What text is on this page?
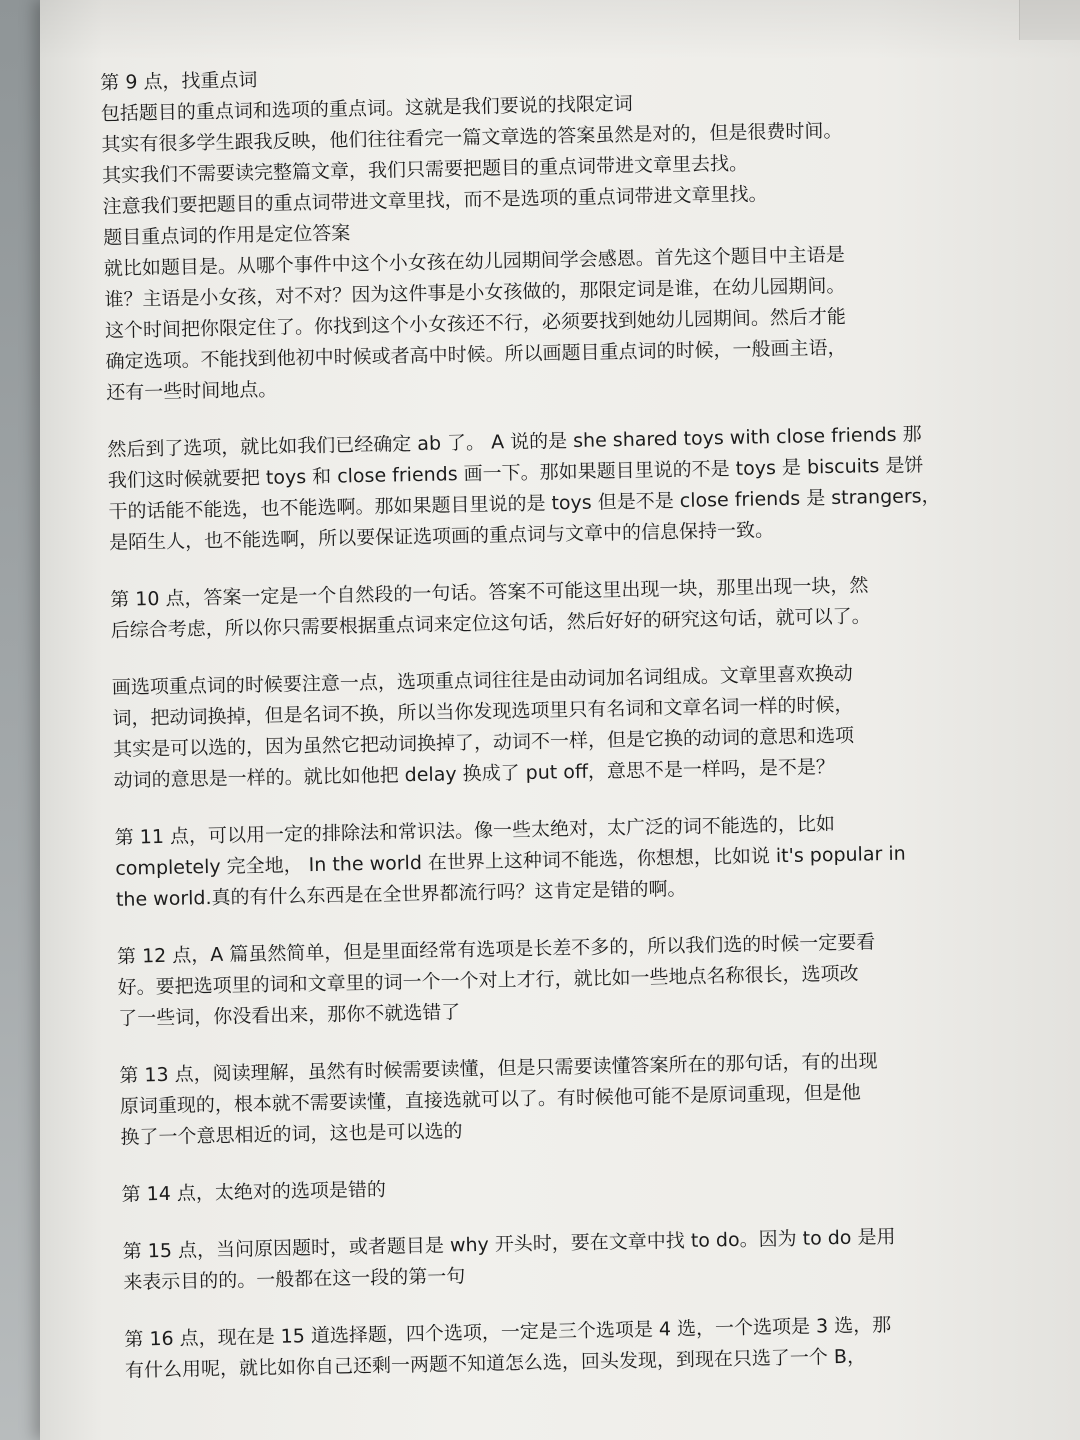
第 9 点，找重点词
包括题目的重点词和选项的重点词。这就是我们要说的找限定词
其实有很多学生跟我反映，他们往往看完一篇文章选的答案虽然是对的，但是很费时间。
其实我们不需要读完整篇文章，我们只需要把题目的重点词带进文章里去找。
注意我们要把题目的重点词带进文章里找，而不是选项的重点词带进文章里找。
题目重点词的作用是定位答案
就比如题目是。从哪个事件中这个小女孩在幼儿园期间学会感恩。首先这个题目中主语是
谁？主语是小女孩，对不对？因为这件事是小女孩做的，那限定词是谁，在幼儿园期间。
这个时间把你限定住了。你找到这个小女孩还不行，必须要找到她幼儿园期间。然后才能
确定选项。不能找到他初中时候或者高中时候。所以画题目重点词的时候，一般画主语，
还有一些时间地点。
然后到了选项，就比如我们已经确定 ab 了。 A 说的是 she shared toys with close friends 那
我们这时候就要把 toys 和 close friends 画一下。那如果题目里说的不是 toys 是 biscuits 是饼
干的话能不能选，也不能选啊。那如果题目里说的是 toys 但是不是 close friends 是 strangers，
是陌生人，也不能选啊，所以要保证选项画的重点词与文章中的信息保持一致。
第 10 点，答案一定是一个自然段的一句话。答案不可能这里出现一块，那里出现一块，然
后综合考虑，所以你只需要根据重点词来定位这句话，然后好好的研究这句话，就可以了。
画选项重点词的时候要注意一点，选项重点词往往是由动词加名词组成。文章里喜欢换动
词，把动词换掉，但是名词不换，所以当你发现选项里只有名词和文章名词一样的时候，
其实是可以选的，因为虽然它把动词换掉了，动词不一样，但是它换的动词的意思和选项
动词的意思是一样的。就比如他把 delay 换成了 put off，意思不是一样吗，是不是？
第 11 点，可以用一定的排除法和常识法。像一些太绝对，太广泛的词不能选的，比如
completely 完全地， In the world 在世界上这种词不能选，你想想，比如说 it's popular in
the world.真的有什么东西是在全世界都流行吗？这肯定是错的啊。
第 12 点，A 篇虽然简单，但是里面经常有选项是长差不多的，所以我们选的时候一定要看
好。要把选项里的词和文章里的词一个一个对上才行，就比如一些地点名称很长，选项改
了一些词，你没看出来，那你不就选错了
第 13 点，阅读理解，虽然有时候需要读懂，但是只需要读懂答案所在的那句话，有的出现
原词重现的，根本就不需要读懂，直接选就可以了。有时候他可能不是原词重现，但是他
换了一个意思相近的词，这也是可以选的
第 14 点，太绝对的选项是错的
第 15 点，当问原因题时，或者题目是 why 开头时，要在文章中找 to do。因为 to do 是用
来表示目的的。一般都在这一段的第一句
第 16 点，现在是 15 道选择题，四个选项，一定是三个选项是 4 选，一个选项是 3 选，那
有什么用呢，就比如你自己还剩一两题不知道怎么选，回头发现，到现在只选了一个 B，
